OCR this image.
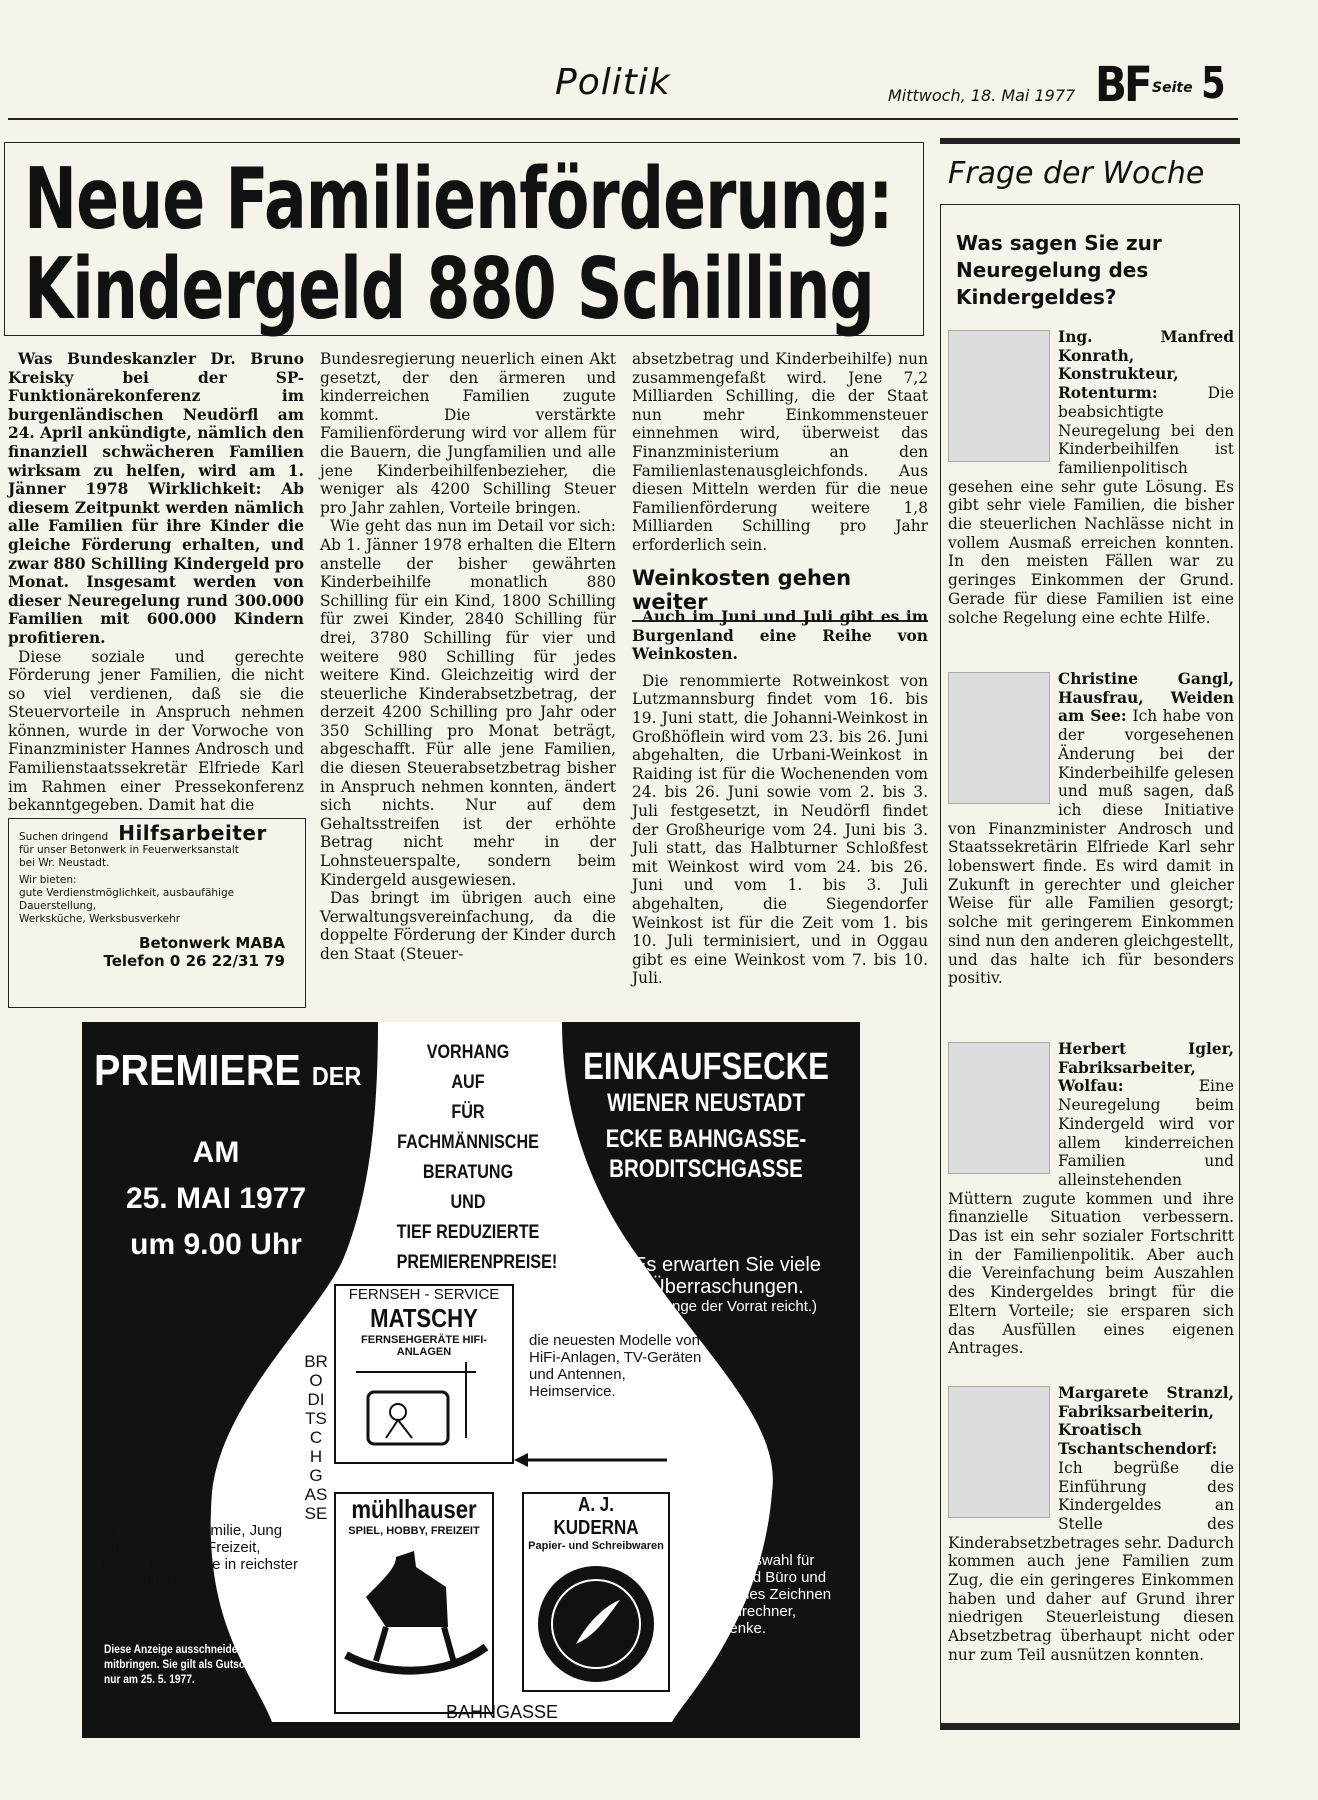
Politik	Mittwoch, 18. Mai 1977 BF Seite 5
Neue Familienförderung:
Kindergeld 880 Schilling

Was Bundeskanzler Dr. Bruno Kreisky bei der SP-Funktionärekonferenz im burgenländischen Neudörfl am 24. April ankündigte, nämlich den finanziell schwächeren Familien wirksam zu helfen, wird am 1. Jänner 1978 Wirklichkeit: Ab diesem Zeitpunkt werden nämlich alle Familien für ihre Kinder die gleiche Förderung erhalten, und zwar 880 Schilling Kindergeld pro Monat. Insgesamt werden von dieser Neuregelung rund 300.000 Familien mit 600.000 Kindern profitieren.

Diese soziale und gerechte Förderung jener Familien, die nicht so viel verdienen, daß sie die Steuervorteile in Anspruch nehmen können, wurde in der Vorwoche von Finanzminister Hannes Androsch und Familienstaatssekretär Elfriede Karl im Rahmen einer Pressekonferenz bekanntgegeben. Damit hat die

Bundesregierung neuerlich einen Akt gesetzt, der den ärmeren und kinderreichen Familien zugute kommt. Die verstärkte Familienförderung wird vor allem für die Bauern, die Jungfamilien und alle jene Kinderbeihilfenbezieher, die weniger als 4200 Schilling Steuer pro Jahr zahlen, Vorteile bringen.

Wie geht das nun im Detail vor sich: Ab 1. Jänner 1978 erhalten die Eltern anstelle der bisher gewährten Kinderbeihilfe monatlich 880 Schilling für ein Kind, 1800 Schilling für zwei Kinder, 2840 Schilling für drei, 3780 Schilling für vier und weitere 980 Schilling für jedes weitere Kind. Gleichzeitig wird der steuerliche Kinderabsetzbetrag, der derzeit 4200 Schilling pro Jahr oder 350 Schilling pro Monat beträgt, abgeschafft. Für alle jene Familien, die diesen Steuerabsetzbetrag bisher in Anspruch nehmen konnten, ändert sich nichts. Nur auf dem Gehaltsstreifen ist der erhöhte Betrag nicht mehr in der Lohnsteuerspalte, sondern beim Kindergeld ausgewiesen.

Das bringt im übrigen auch eine Verwaltungsvereinfachung, da die doppelte Förderung der Kinder durch den Staat (Steuer-

absetzbetrag und Kinderbeihilfe) nun zusammengefaßt wird. Jene 7,2 Milliarden Schilling, die der Staat nun mehr Einkommensteuer einnehmen wird, überweist das Finanzministerium an den Familienlastenausgleichfonds. Aus diesen Mitteln werden für die neue Familienförderung weitere 1,8 Milliarden Schilling pro Jahr erforderlich sein.

Weinkosten gehen weiter

Auch im Juni und Juli gibt es im Burgenland eine Reihe von Weinkosten.

Die renommierte Rotweinkost von Lutzmannsburg findet vom 16. bis 19. Juni statt, die Johanni-Weinkost in Großhöflein wird vom 23. bis 26. Juni abgehalten, die Urbani-Weinkost in Raiding ist für die Wochenenden vom 24. bis 26. Juni sowie vom 2. bis 3. Juli festgesetzt, in Neudörfl findet der Großheurige vom 24. Juni bis 3. Juli statt, das Halbturner Schloßfest mit Weinkost wird vom 24. bis 26. Juni und vom 1. bis 3. Juli abgehalten, die Siegendorfer Weinkost ist für die Zeit vom 1. bis 10. Juli terminisiert, und in Oggau gibt es eine Weinkost vom 7. bis 10. Juli.

Suchen dringend Hilfsarbeiter
für unser Betonwerk in Feuerwerksanstalt
bei Wr. Neustadt.
Wir bieten:
gute Verdienstmöglichkeit, ausbaufähige
Dauerstellung,
Werksküche, Werksbusverkehr
Betonwerk MABA
Telefon 0 26 22/31 79
PREMIERE DER
AM
25. MAI 1977
um 9.00 Uhr
VORHANG
AUF
FÜR
FACHMÄNNISCHE
BERATUNG
UND
TIEF REDUZIERTE
PREMIERENPREISE!
EINKAUFSECKE
WIENER NEUSTADT
ECKE BAHNGASSE-
BRODITSCHGASSE
Es erwarten Sie viele Überraschungen.
(Solange der Vorrat reicht.)
FERNSEH - SERVICE
MATSCHY
FERNSEHGERÄTE HIFI-ANLAGEN
die neuesten Modelle von HiFi-Anlagen, TV-Geräten und Antennen, Heimservice.
mühlhauser
SPIEL, HOBBY, FREIZEIT
für die ganze Familie, Jung und Alt - für die Freizeit, Hobby und Spiele in reichster Auswahl. Bestes Kundenservice.
Diese Anzeige ausschneiden und mitbringen. Sie gilt als Gutschein nur am 25. 5. 1977.
A. J. KUDERNA
Papier- und Schreibwaren
Größte Auswahl für Schule und Büro und technisches Zeichnen Taschenrechner, Geschenke.
BAHNGASSE
BRODITSCHGASSE
Frage der Woche
Was sagen Sie zur Neuregelung des Kindergeldes?
Ing. Manfred Konrath, Konstrukteur, Rotenturm: Die beabsichtigte Neuregelung bei den Kinderbeihilfen ist familienpolitisch gesehen eine sehr gute Lösung. Es gibt sehr viele Familien, die bisher die steuerlichen Nachlässe nicht in vollem Ausmaß erreichen konnten. In den meisten Fällen war zu geringes Einkommen der Grund. Gerade für diese Familien ist eine solche Regelung eine echte Hilfe.
Christine Gangl, Hausfrau, Weiden am See: Ich habe von der vorgesehenen Änderung bei der Kinderbeihilfe gelesen und muß sagen, daß ich diese Initiative von Finanzminister Androsch und Staatssekretärin Elfriede Karl sehr lobenswert finde. Es wird damit in Zukunft in gerechter und gleicher Weise für alle Familien gesorgt; solche mit geringerem Einkommen sind nun den anderen gleichgestellt, und das halte ich für besonders positiv.
Herbert Igler, Fabriksarbeiter, Wolfau: Eine Neuregelung beim Kindergeld wird vor allem kinderreichen Familien und alleinstehenden Müttern zugute kommen und ihre finanzielle Situation verbessern. Das ist ein sehr sozialer Fortschritt in der Familienpolitik. Aber auch die Vereinfachung beim Auszahlen des Kindergeldes bringt für die Eltern Vorteile; sie ersparen sich das Ausfüllen eines eigenen Antrages.
Margarete Stranzl, Fabriksarbeiterin, Kroatisch Tschantschendorf: Ich begrüße die Einführung des Kindergeldes an Stelle des Kinderabsetzbetrages sehr. Dadurch kommen auch jene Familien zum Zug, die ein geringeres Einkommen haben und daher auf Grund ihrer niedrigen Steuerleistung diesen Absetzbetrag überhaupt nicht oder nur zum Teil ausnützen konnten.
